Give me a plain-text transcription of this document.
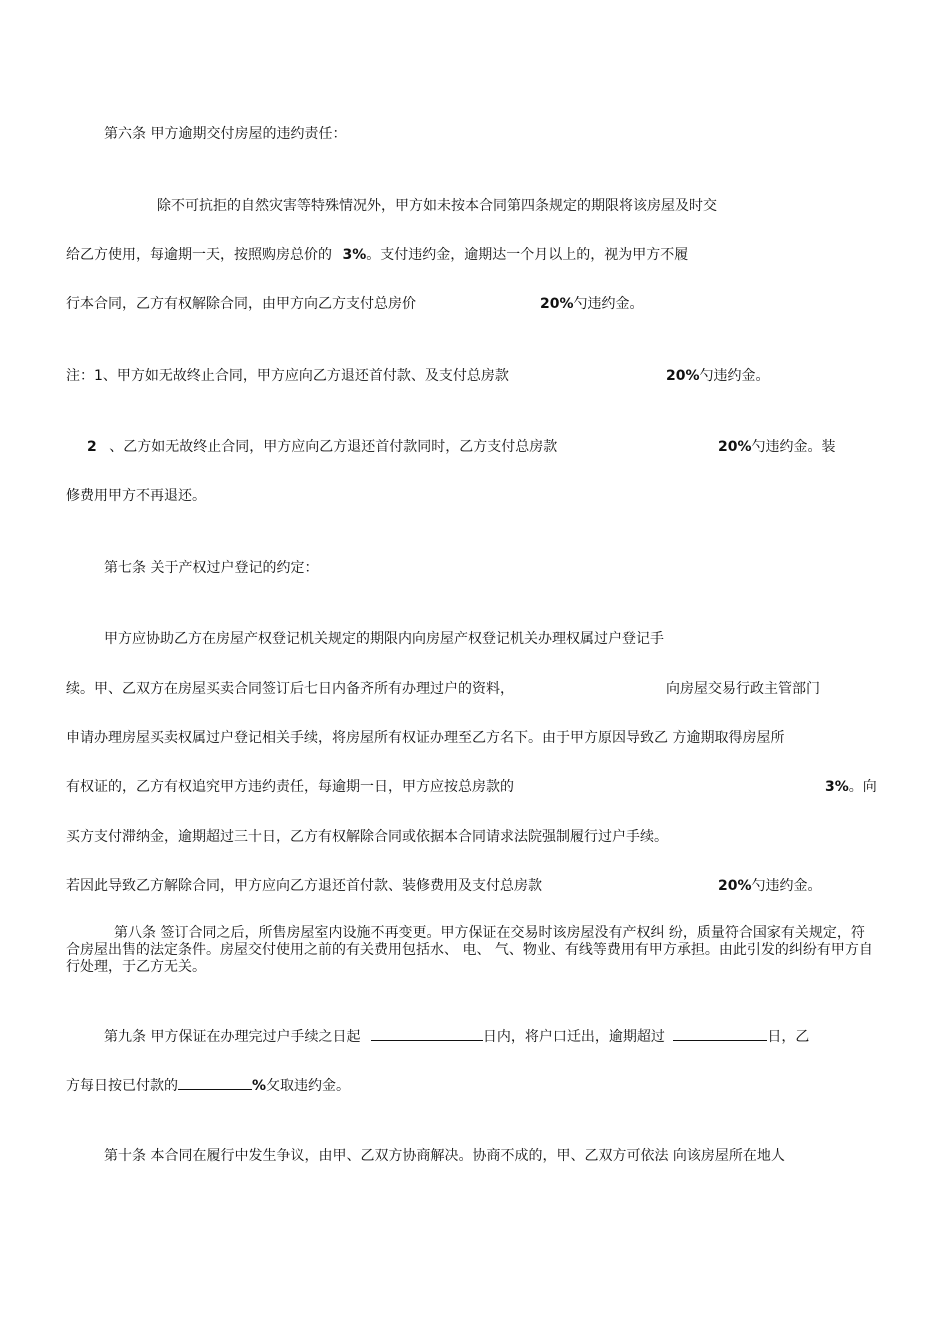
第六条 甲方逾期交付房屋的违约责任：
除不可抗拒的自然灾害等特殊情况外，甲方如未按本合同第四条规定的期限将该房屋及时交
给乙方使用，每逾期一天，按照购房总价的 3%。支付违约金，逾期达一个月以上的，视为甲方不履
行本合同，乙方有权解除合同，由甲方向乙方支付总房价	20%勺违约金。
注：1、甲方如无故终止合同，甲方应向乙方退还首付款、及支付总房款	20%勺违约金。
2 、乙方如无故终止合同，甲方应向乙方退还首付款同时，乙方支付总房款	20%勺违约金。装
修费用甲方不再退还。
第七条 关于产权过户登记的约定：
甲方应协助乙方在房屋产权登记机关规定的期限内向房屋产权登记机关办理权属过户登记手
续。甲、乙双方在房屋买卖合同签订后七日内备齐所有办理过户的资料，	向房屋交易行政主管部门
申请办理房屋买卖权属过户登记相关手续，将房屋所有权证办理至乙方名下。由于甲方原因导致乙 方逾期取得房屋所
有权证的，乙方有权追究甲方违约责任，每逾期一日，甲方应按总房款的	3%。向
买方支付滞纳金，逾期超过三十日，乙方有权解除合同或依据本合同请求法院强制履行过户手续。
若因此导致乙方解除合同，甲方应向乙方退还首付款、装修费用及支付总房款	20%勺违约金。
第八条 签订合同之后，所售房屋室内设施不再变更。甲方保证在交易时该房屋没有产权纠 纷，质量符合国家有关规定，符合房屋出售的法定条件。房屋交付使用之前的有关费用包括水、 电、 气、物业、有线等费用有甲方承担。由此引发的纠纷有甲方自行处理，于乙方无关。
第九条 甲方保证在办理完过户手续之日起	日内，将户口迁出，逾期超过	日，乙
方每日按已付款的	%攵取违约金。
第十条 本合同在履行中发生争议，由甲、乙双方协商解决。协商不成的，甲、乙双方可依法 向该房屋所在地人
